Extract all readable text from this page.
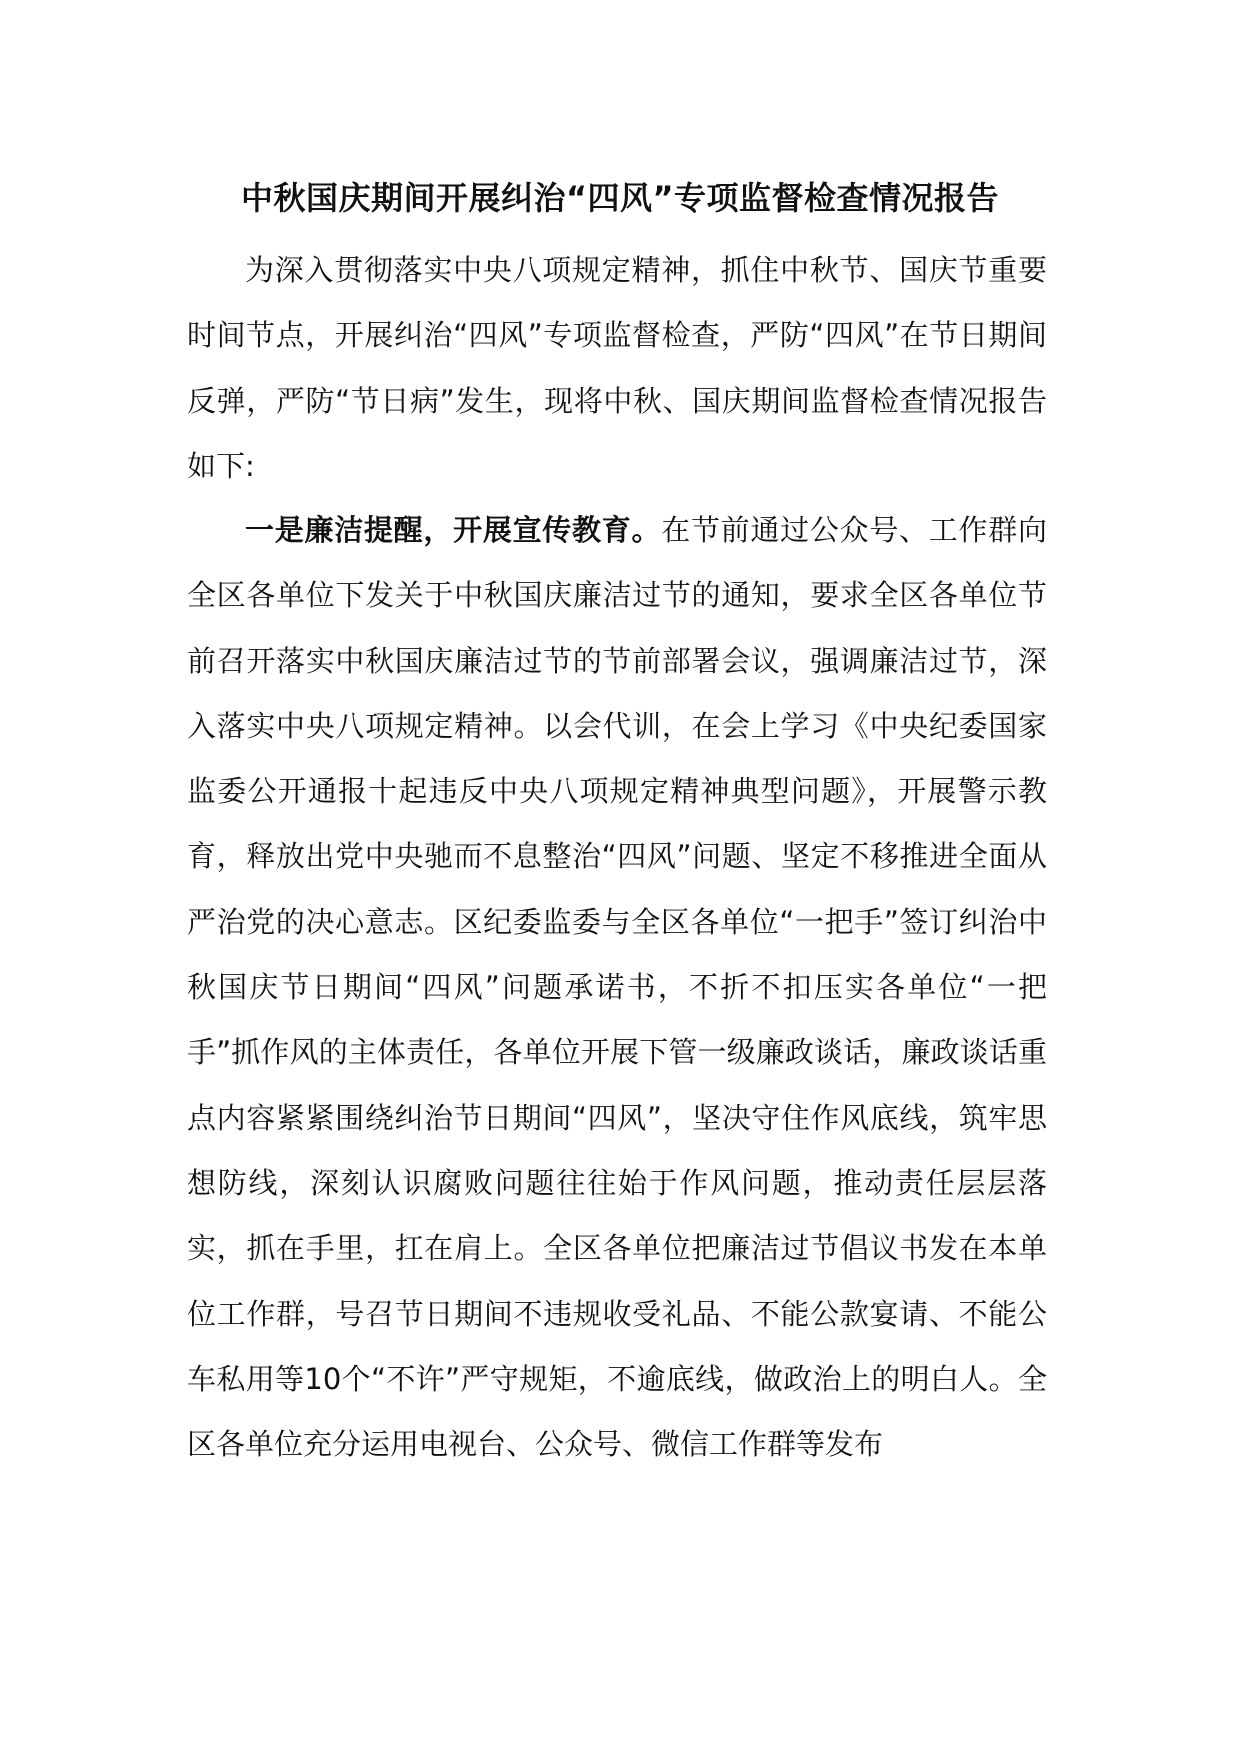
中秋国庆期间开展纠治“四风”专项监督检查情况报告

为深入贯彻落实中央八项规定精神，抓住中秋节、国庆节重要时间节点，开展纠治“四风”专项监督检查，严防“四风”在节日期间反弹，严防“节日病”发生，现将中秋、国庆期间监督检查情况报告如下:

一是廉洁提醒，开展宣传教育。在节前通过公众号、工作群向全区各单位下发关于中秋国庆廉洁过节的通知，要求全区各单位节前召开落实中秋国庆廉洁过节的节前部署会议，强调廉洁过节，深入落实中央八项规定精神。以会代训，在会上学习《中央纪委国家监委公开通报十起违反中央八项规定精神典型问题》，开展警示教育，释放出党中央驰而不息整治“四风”问题、坚定不移推进全面从严治党的决心意志。区纪委监委与全区各单位“一把手”签订纠治中秋国庆节日期间“四风”问题承诺书，不折不扣压实各单位“一把手”抓作风的主体责任，各单位开展下管一级廉政谈话，廉政谈话重点内容紧紧围绕纠治节日期间“四风”，坚决守住作风底线，筑牢思想防线，深刻认识腐败问题往往始于作风问题，推动责任层层落实，抓在手里，扛在肩上。全区各单位把廉洁过节倡议书发在本单位工作群，号召节日期间不违规收受礼品、不能公款宴请、不能公车私用等10个“不许”严守规矩，不逾底线，做政治上的明白人。全区各单位充分运用电视台、公众号、微信工作群等发布
